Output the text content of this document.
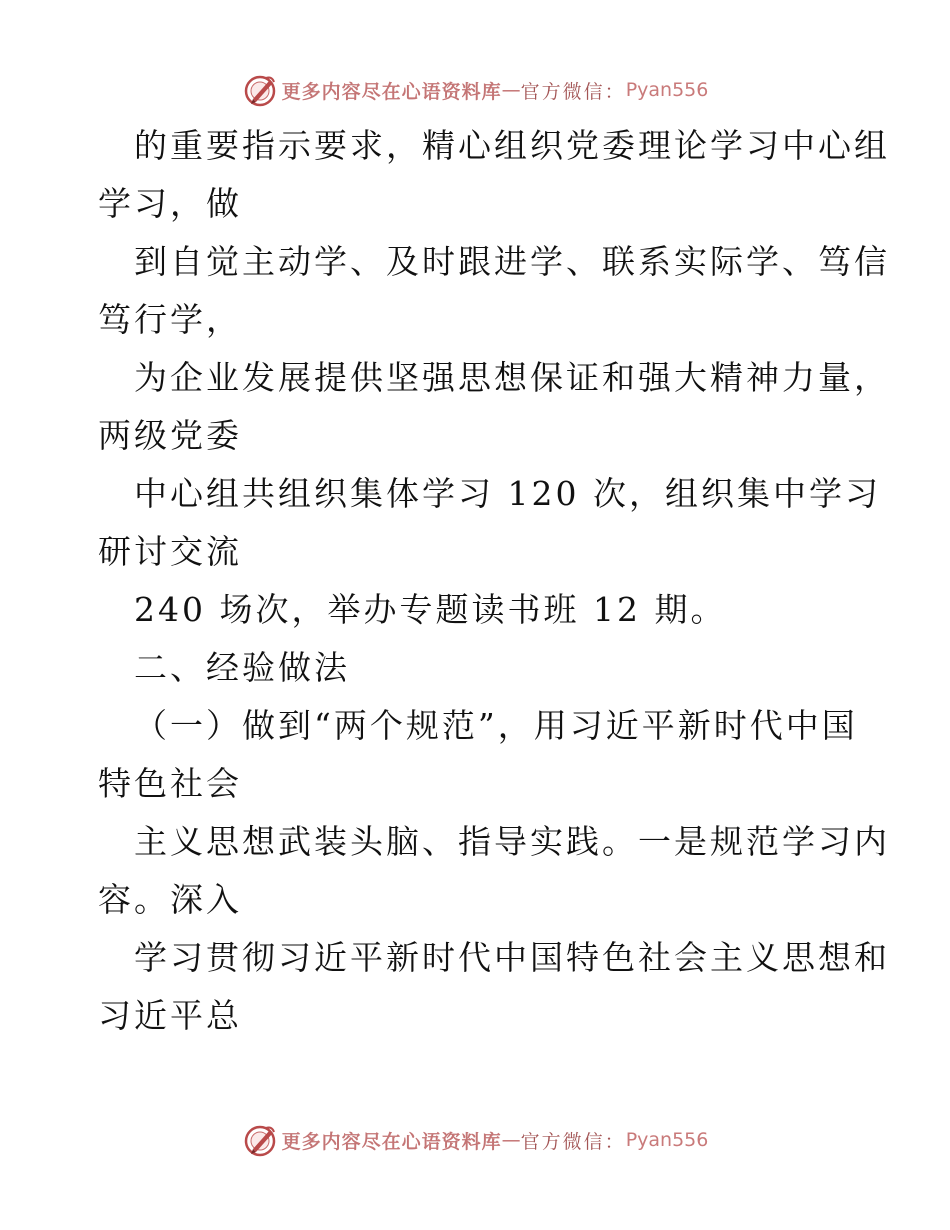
更多内容尽在心语资料库 — 官方微信： Pyan556
的重要指示要求，精心组织党委理论学习中心组
学习，做
到自觉主动学、及时跟进学、联系实际学、笃信
笃行学，
为企业发展提供坚强思想保证和强大精神力量，
两级党委
中心组共组织集体学习 120 次，组织集中学习
研讨交流
240 场次，举办专题读书班 12 期。
二、经验做法
（一）做到“两个规范”，用习近平新时代中国
特色社会
主义思想武装头脑、指导实践。一是规范学习内
容。深入
学习贯彻习近平新时代中国特色社会主义思想和
习近平总
更多内容尽在心语资料库 — 官方微信： Pyan556
